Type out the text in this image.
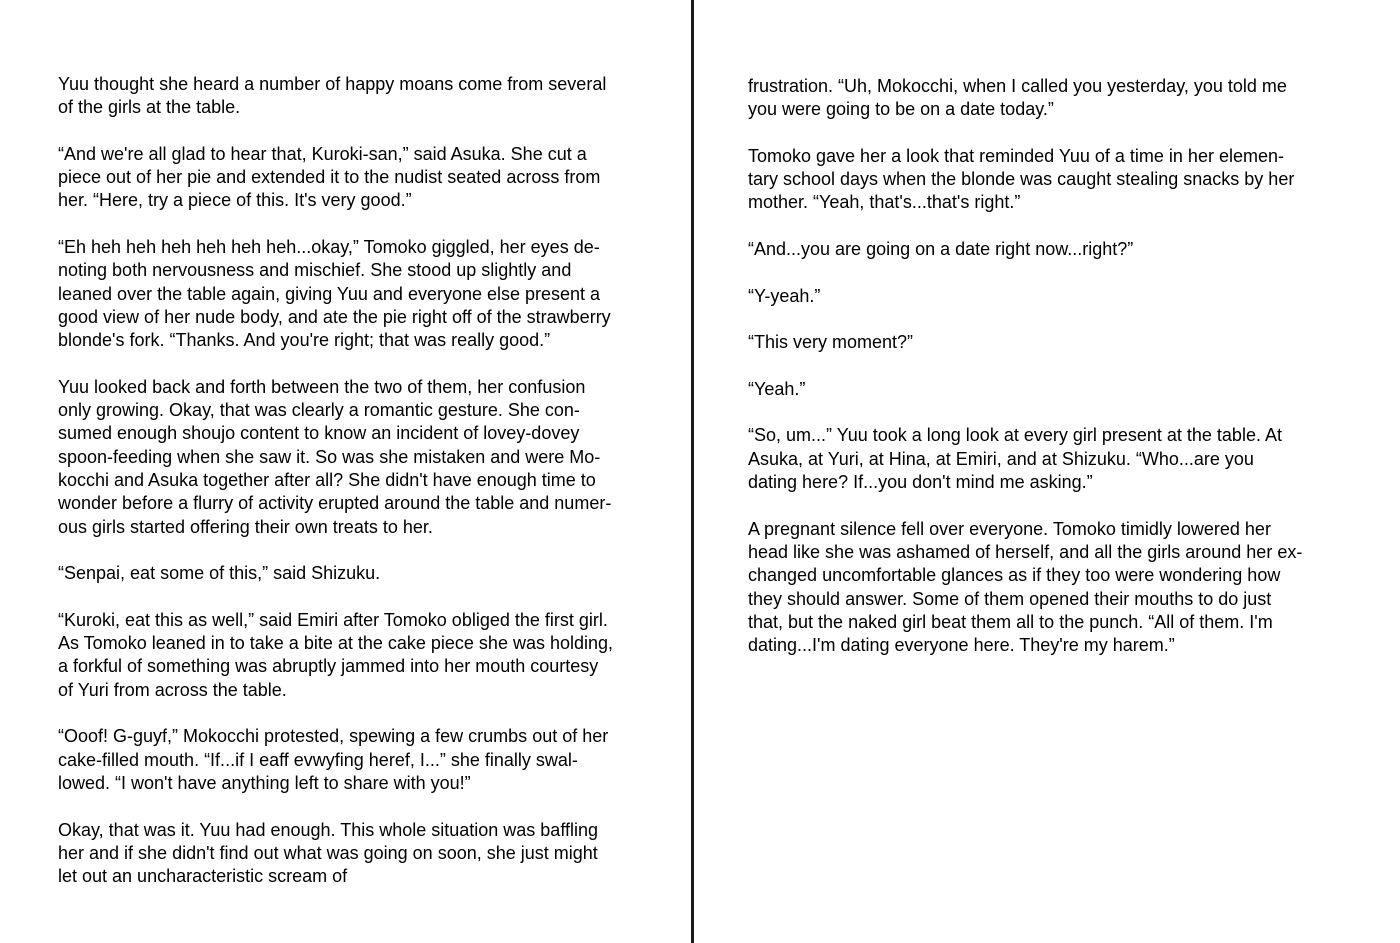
Yuu thought she heard a number of happy moans come from several
of the girls at the table.
“And we're all glad to hear that, Kuroki-san,” said Asuka. She cut a
piece out of her pie and extended it to the nudist seated across from
her. “Here, try a piece of this. It's very good.”
“Eh heh heh heh heh heh heh...okay,” Tomoko giggled, her eyes de-
noting both nervousness and mischief. She stood up slightly and
leaned over the table again, giving Yuu and everyone else present a
good view of her nude body, and ate the pie right off of the strawberry
blonde's fork. “Thanks. And you're right; that was really good.”
Yuu looked back and forth between the two of them, her confusion
only growing. Okay, that was clearly a romantic gesture. She con-
sumed enough shoujo content to know an incident of lovey-dovey
spoon-feeding when she saw it. So was she mistaken and were Mo-
kocchi and Asuka together after all? She didn't have enough time to
wonder before a flurry of activity erupted around the table and numer-
ous girls started offering their own treats to her.
“Senpai, eat some of this,” said Shizuku.
“Kuroki, eat this as well,” said Emiri after Tomoko obliged the first girl.
As Tomoko leaned in to take a bite at the cake piece she was holding,
a forkful of something was abruptly jammed into her mouth courtesy
of Yuri from across the table.
“Ooof! G-guyf,” Mokocchi protested, spewing a few crumbs out of her
cake-filled mouth. “If...if I eaff evwyfing heref, I...” she finally swal-
lowed. “I won't have anything left to share with you!”
Okay, that was it. Yuu had enough. This whole situation was baffling
her and if she didn't find out what was going on soon, she just might
let out an uncharacteristic scream of
frustration. “Uh, Mokocchi, when I called you yesterday, you told me
you were going to be on a date today.”
Tomoko gave her a look that reminded Yuu of a time in her elemen-
tary school days when the blonde was caught stealing snacks by her
mother. “Yeah, that's...that's right.”
“And...you are going on a date right now...right?”
“Y-yeah.”
“This very moment?”
“Yeah.”
“So, um...” Yuu took a long look at every girl present at the table. At
Asuka, at Yuri, at Hina, at Emiri, and at Shizuku. “Who...are you
dating here? If...you don't mind me asking.”
A pregnant silence fell over everyone. Tomoko timidly lowered her
head like she was ashamed of herself, and all the girls around her ex-
changed uncomfortable glances as if they too were wondering how
they should answer. Some of them opened their mouths to do just
that, but the naked girl beat them all to the punch. “All of them. I'm
dating...I'm dating everyone here. They're my harem.”
